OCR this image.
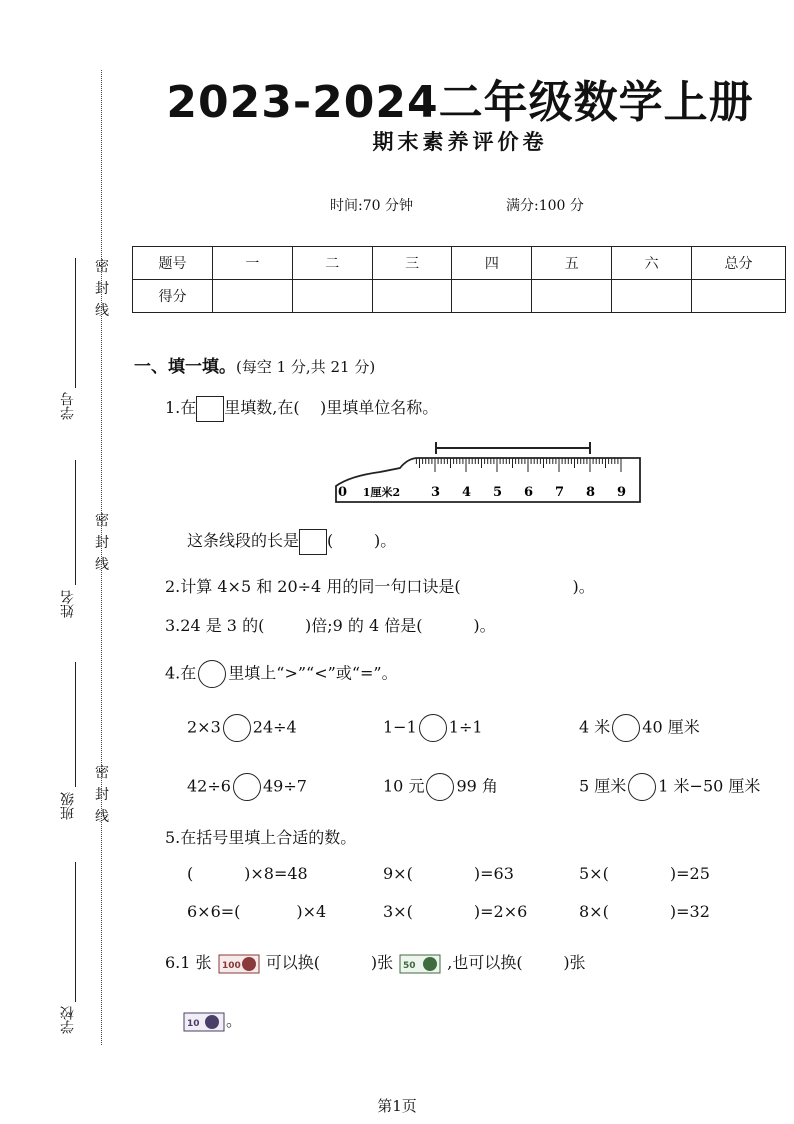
密
封
线
密
封
线
密
封
线
学号
姓名
班级
学校
2023-2024二年级数学上册
期末素养评价卷
时间:70 分钟	满分:100 分
题号	一	二	三	四	五	六	总分
得分							
一、填一填。(每空 1 分,共 21 分)
1.在 里填数,在( )里填单位名称。
0 1厘米2 3 4 5 6 7 8 9
这条线段的长是 (	)。
2.计算 4×5 和 20÷4 用的同一句口诀是(	)。
3.24 是 3 的(	)倍;9 的 4 倍是(	)。
4.在 里填上“>”“<”或“=”。
2×3 24÷4	1−1 1÷1	4 米 40 厘米
42÷6 49÷7	10 元 99 角	5 厘米 1 米−50 厘米
5.在括号里填上合适的数。
(	)×8=48	9×(	)=63	5×(	)=25
6×6=(	)×4	3×(	)=2×6	8×(	)=32
6.1 张 100 可以换(	)张 50 ,也可以换(	)张
10 。
第1页
